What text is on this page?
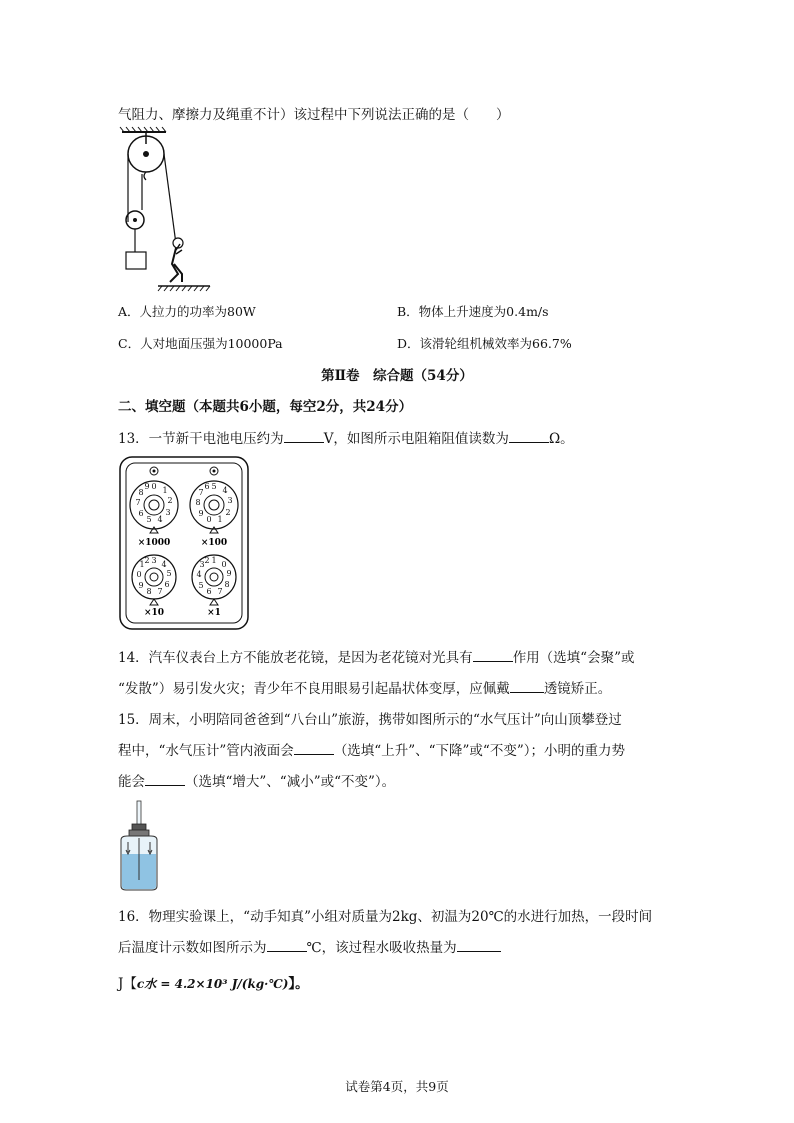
气阻力、摩擦力及绳重不计）该过程中下列说法正确的是（　　）
A．人拉力的功率为80W	B．物体上升速度为0.4m/s
C．人对地面压强为10000Pa	D．该滑轮组机械效率为66.7%
第Ⅱ卷　综合题（54分）
二、填空题（本题共6小题，每空2分，共24分）
13．一节新干电池电压约为	V，如图所示电阻箱阻值读数为	Ω。
0 1
2
3
4
5
6
7
8
9
×1000
5 4
3
2
1
0
9
8
7
6
×100
3 4
5
6
7
8
9
0
1 2
×10
1 0
9
8
7
6
5
4
3 2
×1
14．汽车仪表台上方不能放老花镜，是因为老花镜对光具有	作用（选填“会聚”或
“发散”）易引发火灾；青少年不良用眼易引起晶状体变厚，应佩戴	透镜矫正。
15．周末，小明陪同爸爸到“八台山”旅游，携带如图所示的“水气压计”向山顶攀登过
程中，“水气压计”管内液面会	（选填“上升”、“下降”或“不变”）；小明的重力势
能会	（选填“增大”、“减小”或“不变”）。
16．物理实验课上，“动手知真”小组对质量为2kg、初温为20℃的水进行加热，一段时间
后温度计示数如图所示为	℃，该过程水吸收热量为
J【c水 = 4.2×10³ J/(kg·℃)】。
试卷第4页，共9页
